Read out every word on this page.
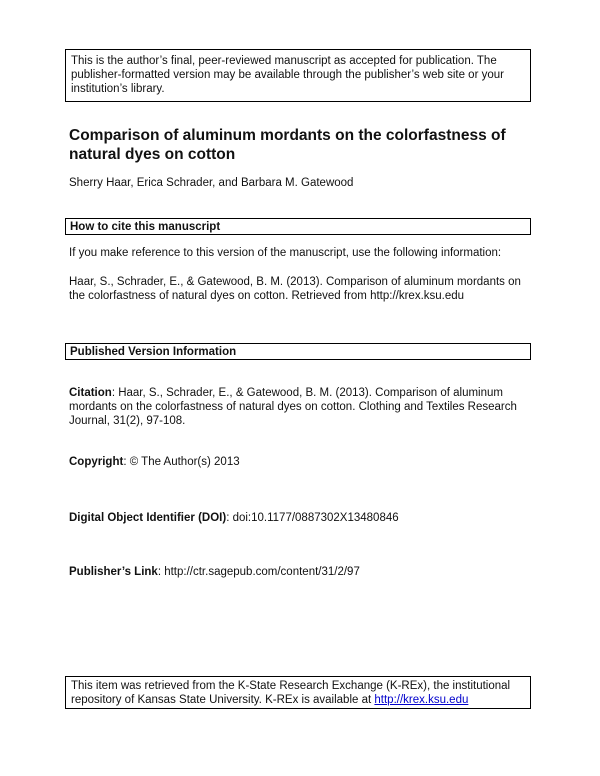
This is the author’s final, peer-reviewed manuscript as accepted for publication. The publisher-formatted version may be available through the publisher’s web site or your institution’s library.
Comparison of aluminum mordants on the colorfastness of natural dyes on cotton
Sherry Haar, Erica Schrader, and Barbara M. Gatewood
How to cite this manuscript
If you make reference to this version of the manuscript, use the following information:
Haar, S., Schrader, E., & Gatewood, B. M. (2013). Comparison of aluminum mordants on the colorfastness of natural dyes on cotton. Retrieved from http://krex.ksu.edu
Published Version Information
Citation: Haar, S., Schrader, E., & Gatewood, B. M. (2013). Comparison of aluminum mordants on the colorfastness of natural dyes on cotton. Clothing and Textiles Research Journal, 31(2), 97-108.
Copyright: © The Author(s) 2013
Digital Object Identifier (DOI): doi:10.1177/0887302X13480846
Publisher’s Link: http://ctr.sagepub.com/content/31/2/97
This item was retrieved from the K-State Research Exchange (K-REx), the institutional repository of Kansas State University. K-REx is available at http://krex.ksu.edu
